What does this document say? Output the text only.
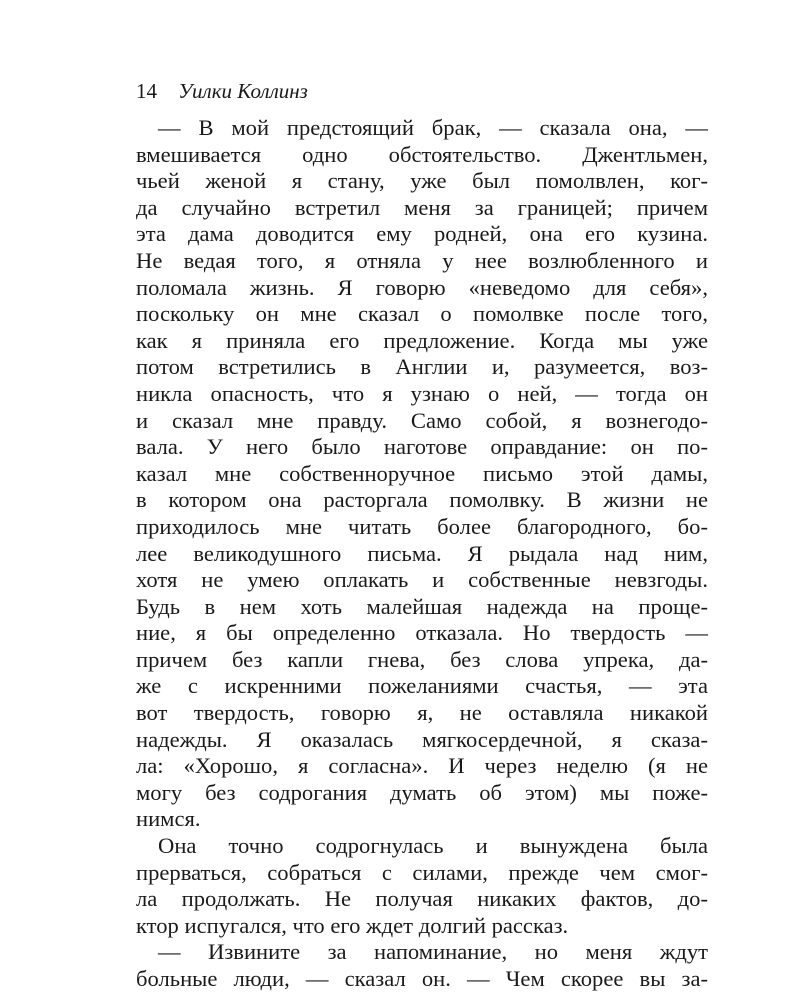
14 Уилки Коллинз
— В мой предстоящий брак, — сказала она, —
вмешивается одно обстоятельство. Джентльмен,
чьей женой я стану, уже был помолвлен, ког-
да случайно встретил меня за границей; причем
эта дама доводится ему родней, она его кузина.
Не ведая того, я отняла у нее возлюбленного и
поломала жизнь. Я говорю «неведомо для себя»,
поскольку он мне сказал о помолвке после того,
как я приняла его предложение. Когда мы уже
потом встретились в Англии и, разумеется, воз-
никла опасность, что я узнаю о ней, — тогда он
и сказал мне правду. Само собой, я вознегодо-
вала. У него было наготове оправдание: он по-
казал мне собственноручное письмо этой дамы,
в котором она расторгала помолвку. В жизни не
приходилось мне читать более благородного, бо-
лее великодушного письма. Я рыдала над ним,
хотя не умею оплакать и собственные невзгоды.
Будь в нем хоть малейшая надежда на проще-
ние, я бы определенно отказала. Но твердость —
причем без капли гнева, без слова упрека, да-
же с искренними пожеланиями счастья, — эта
вот твердость, говорю я, не оставляла никакой
надежды. Я оказалась мягкосердечной, я сказа-
ла: «Хорошо, я согласна». И через неделю (я не
могу без содрогания думать об этом) мы поже-
нимся.
Она точно содрогнулась и вынуждена была
прерваться, собраться с силами, прежде чем смог-
ла продолжать. Не получая никаких фактов, до-
ктор испугался, что его ждет долгий рассказ.
— Извините за напоминание, но меня ждут
больные люди, — сказал он. — Чем скорее вы за-
